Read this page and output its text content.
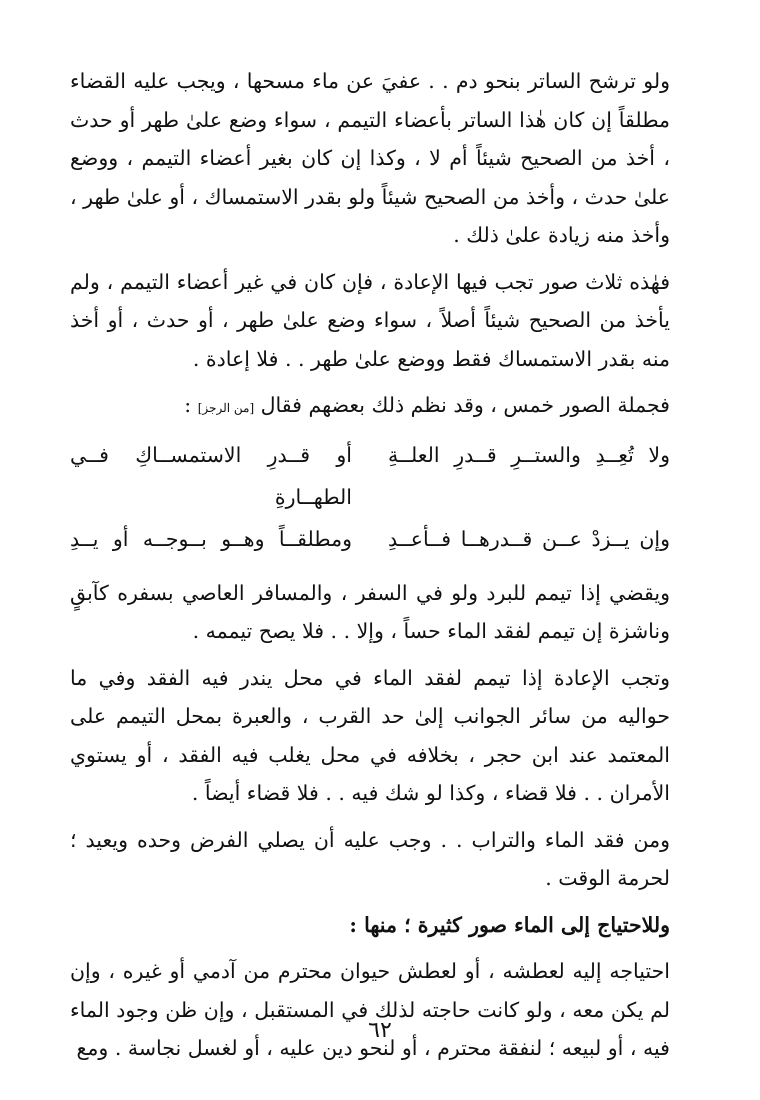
ولو ترشح الساتر بنحو دم . . عفيَ عن ماء مسحها ، ويجب عليه القضاء مطلقاً إن كان هٰذا الساتر بأعضاء التيمم ، سواء وضع علىٰ طهر أو حدث ، أخذ من الصحيح شيئاً أم لا ، وكذا إن كان بغير أعضاء التيمم ، ووضع علىٰ حدث ، وأخذ من الصحيح شيئاً ولو بقدر الاستمساك ، أو علىٰ طهر ، وأخذ منه زيادة علىٰ ذلك .

فهٰذه ثلاث صور تجب فيها الإعادة ، فإن كان في غير أعضاء التيمم ، ولم يأخذ من الصحيح شيئاً أصلاً ، سواء وضع علىٰ طهر ، أو حدث ، أو أخذ منه بقدر الاستمساك فقط ووضع علىٰ طهر . . فلا إعادة .

فجملة الصور خمس ، وقد نظم ذلك بعضهم فقال [من الرجز] :

ولا تُعِــدِ والستــرِ قــدرِ العلــةِ
أو قــدرِ الاستمســاكِ فــي الطهــارةِ
وإن يــزدْ عــن قــدرهــا فــأعــدِ
ومطلقــاً وهــو بــوجــه أو يــدِ

ويقضي إذا تيمم للبرد ولو في السفر ، والمسافر العاصي بسفره كآبقٍ وناشزة إن تيمم لفقد الماء حساً ، وإلا . . فلا يصح تيممه .

وتجب الإعادة إذا تيمم لفقد الماء في محل يندر فيه الفقد وفي ما حواليه من سائر الجوانب إلىٰ حد القرب ، والعبرة بمحل التيمم على المعتمد عند ابن حجر ، بخلافه في محل يغلب فيه الفقد ، أو يستوي الأمران . . فلا قضاء ، وكذا لو شك فيه . . فلا قضاء أيضاً .

ومن فقد الماء والتراب . . وجب عليه أن يصلي الفرض وحده ويعيد ؛ لحرمة الوقت .

وللاحتياج إلى الماء صور كثيرة ؛ منها :

احتياجه إليه لعطشه ، أو لعطش حيوان محترم من آدمي أو غيره ، وإن لم يكن معه ، ولو كانت حاجته لذلك في المستقبل ، وإن ظن وجود الماء فيه ، أو لبيعه ؛ لنفقة محترم ، أو لنحو دين عليه ، أو لغسل نجاسة . ومع

٦٢
